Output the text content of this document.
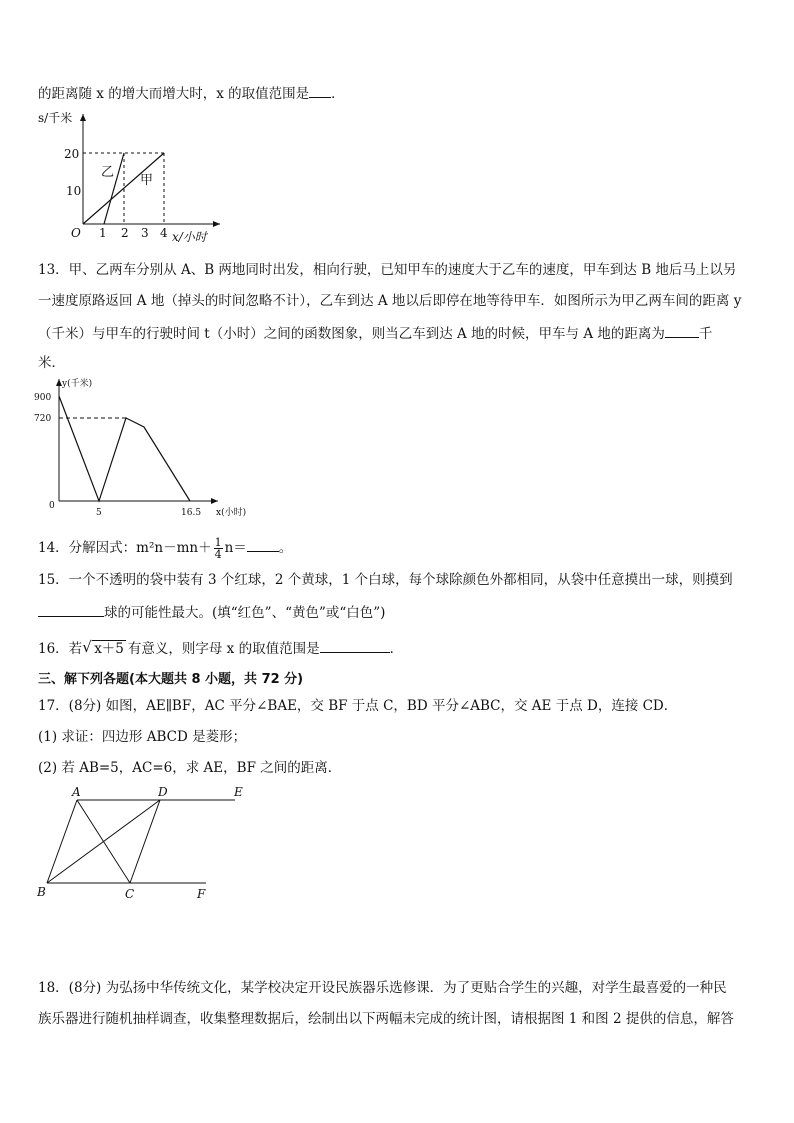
的距离随 x 的增大而增大时，x 的取值范围是 ．
s/千米
x/小时
O
20
10
1 2 3 4
乙
甲
13．甲、乙两车分别从 A、B 两地同时出发，相向行驶，已知甲车的速度大于乙车的速度，甲车到达 B 地后马上以另
一速度原路返回 A 地（掉头的时间忽略不计），乙车到达 A 地以后即停在地等待甲车．如图所示为甲乙两车间的距离 y
（千米）与甲车的行驶时间 t（小时）之间的函数图象，则当乙车到达 A 地的时候，甲车与 A 地的距离为	千
米．
y(千米)
x(小时)
900
720
0
5	16.5
14．分解因式：$m^2n-mn+ \frac{1}{4} n=$ 。
15．一个不透明的袋中装有 3 个红球，2 个黄球，1 个白球，每个球除颜色外都相同，从袋中任意摸出一球，则摸到
球的可能性最大。(填“红色”、“黄色”或“白色”)
16．若 √ x＋5 有意义，则字母 x 的取值范围是	．
三、解下列各题(本大题共 8 小题，共 72 分)
17．(8分) 如图，AE∥BF，AC 平分∠BAE，交 BF 于点 C，BD 平分∠ABC，交 AE 于点 D，连接 CD．
(1) 求证：四边形 ABCD 是菱形；
(2) 若 AB=5，AC=6，求 AE，BF 之间的距离．
A	D	E
B	C	F
18．(8分) 为弘扬中华传统文化，某学校决定开设民族器乐选修课．为了更贴合学生的兴趣，对学生最喜爱的一种民
族乐器进行随机抽样调查，收集整理数据后，绘制出以下两幅未完成的统计图，请根据图 1 和图 2 提供的信息，解答
